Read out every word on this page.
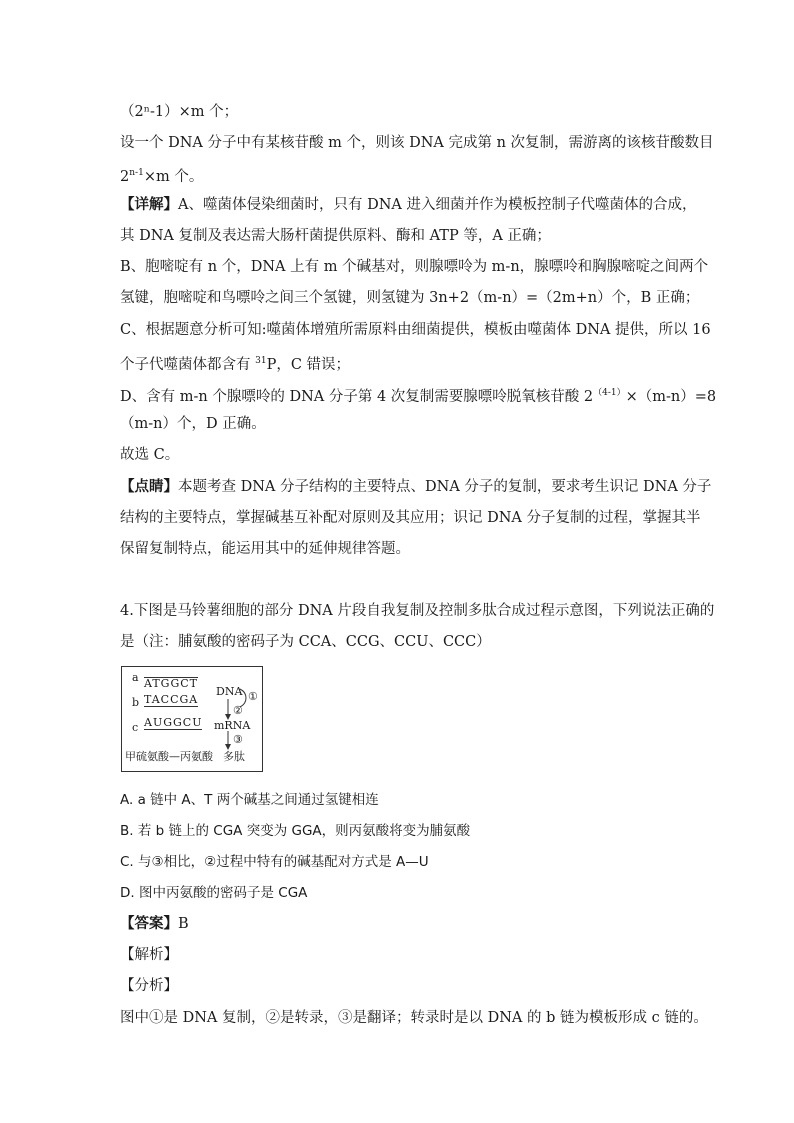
（2ⁿ-1）×m 个；
设一个 DNA 分子中有某核苷酸 m 个，则该 DNA 完成第 n 次复制，需游离的该核苷酸数目
$2^{n-1}\times m$ 个。
【详解】A、噬菌体侵染细菌时，只有 DNA 进入细菌并作为模板控制子代噬菌体的合成，
其 DNA 复制及表达需大肠杆菌提供原料、酶和 ATP 等，A 正确；
B、胞嘧啶有 n 个，DNA 上有 m 个碱基对，则腺嘌呤为 m-n，腺嘌呤和胸腺嘧啶之间两个
氢键，胞嘧啶和鸟嘌呤之间三个氢键，则氢键为 3n+2（m-n）=（2m+n）个，B 正确；
C、根据题意分析可知:噬菌体增殖所需原料由细菌提供，模板由噬菌体 DNA 提供，所以 16
个子代噬菌体都含有 $^{31}$P，C 错误；
D、含有 m-n 个腺嘌呤的 DNA 分子第 4 次复制需要腺嘌呤脱氧核苷酸 $2^{(4-1)}\times(m-n)=8$
（m-n）个，D 正确。
故选 C。
【点睛】本题考查 DNA 分子结构的主要特点、DNA 分子的复制，要求考生识记 DNA 分子
结构的主要特点，掌握碱基互补配对原则及其应用；识记 DNA 分子复制的过程，掌握其半
保留复制特点，能运用其中的延伸规律答题。
4.下图是马铃薯细胞的部分 DNA 片段自我复制及控制多肽合成过程示意图，下列说法正确的
是（注：脯氨酸的密码子为 CCA、CCG、CCU、CCC）
a ATGGCT
b TACCGA
c AUGGCU
DNA ①
②
mRNA
③
甲硫氨酸—丙氨酸 多肽
A. a 链中 A、T 两个碱基之间通过氢键相连
B. 若 b 链上的 CGA 突变为 GGA，则丙氨酸将变为脯氨酸
C. 与③相比，②过程中特有的碱基配对方式是 A—U
D. 图中丙氨酸的密码子是 CGA
【答案】B
【解析】
【分析】
图中①是 DNA 复制，②是转录，③是翻译；转录时是以 DNA 的 b 链为模板形成 c 链的。
